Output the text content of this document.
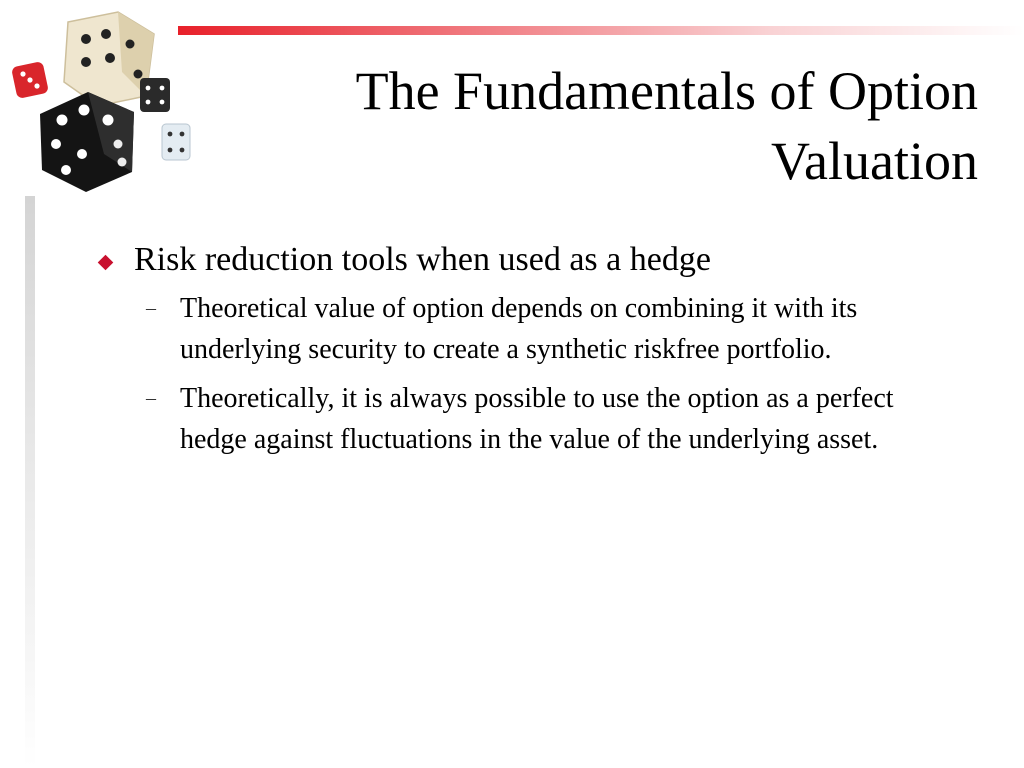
The Fundamentals of Option
Valuation
Risk reduction tools when used as a hedge
– Theoretical value of option depends on combining it with its underlying security to create a synthetic riskfree portfolio.
– Theoretically, it is always possible to use the option as a perfect hedge against fluctuations in the value of the underlying asset.
